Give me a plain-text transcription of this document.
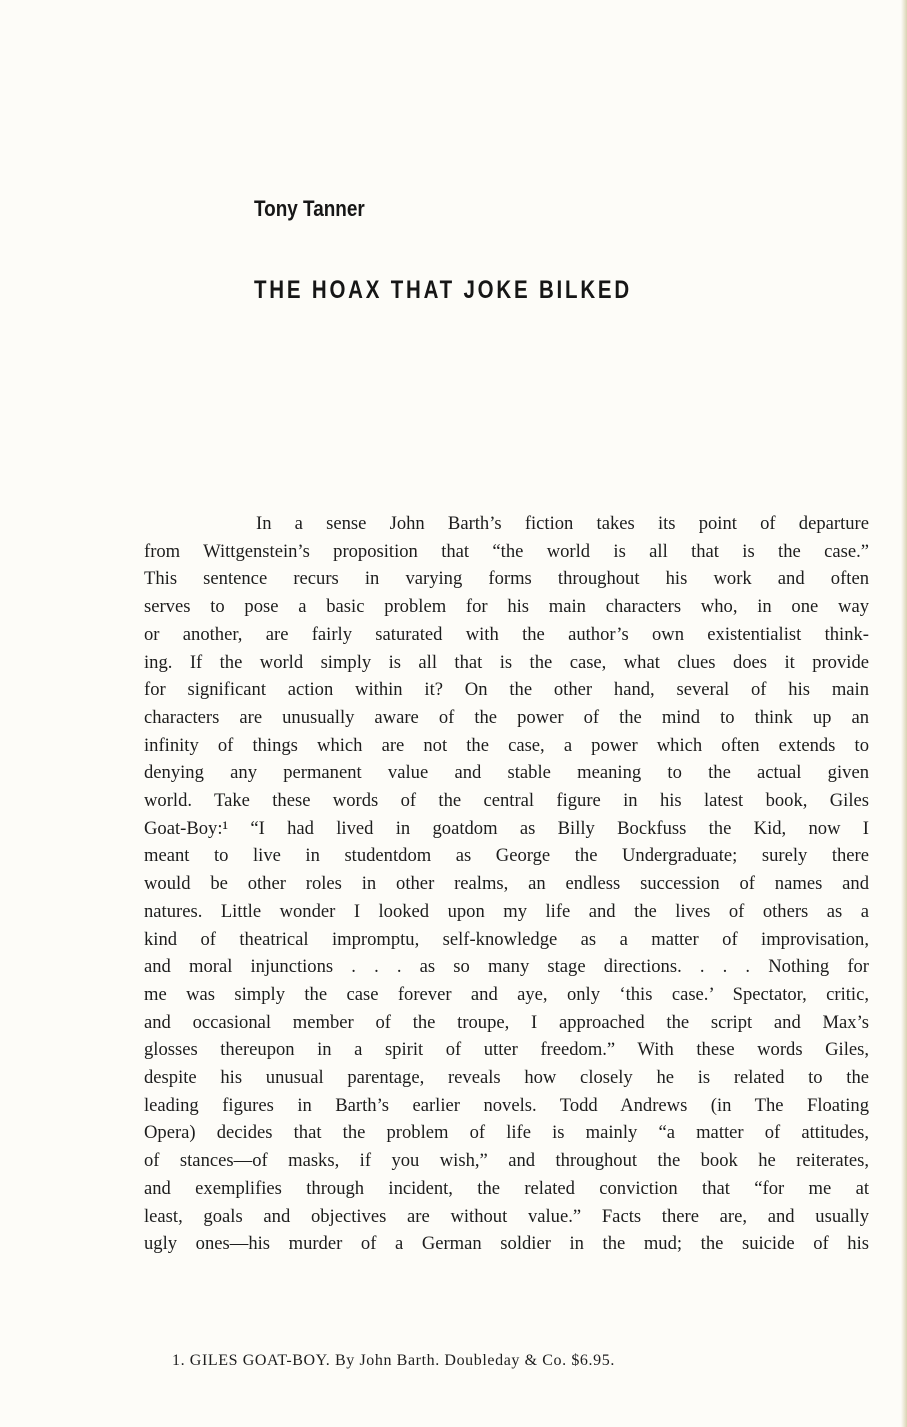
Tony Tanner
THE HOAX THAT JOKE BILKED
In a sense John Barth’s fiction takes its point of departure
from Wittgenstein’s proposition that “the world is all that is the case.”
This sentence recurs in varying forms throughout his work and often
serves to pose a basic problem for his main characters who, in one way
or another, are fairly saturated with the author’s own existentialist think-
ing. If the world simply is all that is the case, what clues does it provide
for significant action within it? On the other hand, several of his main
characters are unusually aware of the power of the mind to think up an
infinity of things which are not the case, a power which often extends to
denying any permanent value and stable meaning to the actual given
world. Take these words of the central figure in his latest book, Giles
Goat-Boy:¹ “I had lived in goatdom as Billy Bockfuss the Kid, now I
meant to live in studentdom as George the Undergraduate; surely there
would be other roles in other realms, an endless succession of names and
natures. Little wonder I looked upon my life and the lives of others as a
kind of theatrical impromptu, self-knowledge as a matter of improvisation,
and moral injunctions . . . as so many stage directions. . . . Nothing for
me was simply the case forever and aye, only ‘this case.’ Spectator, critic,
and occasional member of the troupe, I approached the script and Max’s
glosses thereupon in a spirit of utter freedom.” With these words Giles,
despite his unusual parentage, reveals how closely he is related to the
leading figures in Barth’s earlier novels. Todd Andrews (in The Floating
Opera) decides that the problem of life is mainly “a matter of attitudes,
of stances—of masks, if you wish,” and throughout the book he reiterates,
and exemplifies through incident, the related conviction that “for me at
least, goals and objectives are without value.” Facts there are, and usually
ugly ones—his murder of a German soldier in the mud; the suicide of his
1. GILES GOAT-BOY. By John Barth. Doubleday & Co. $6.95.
